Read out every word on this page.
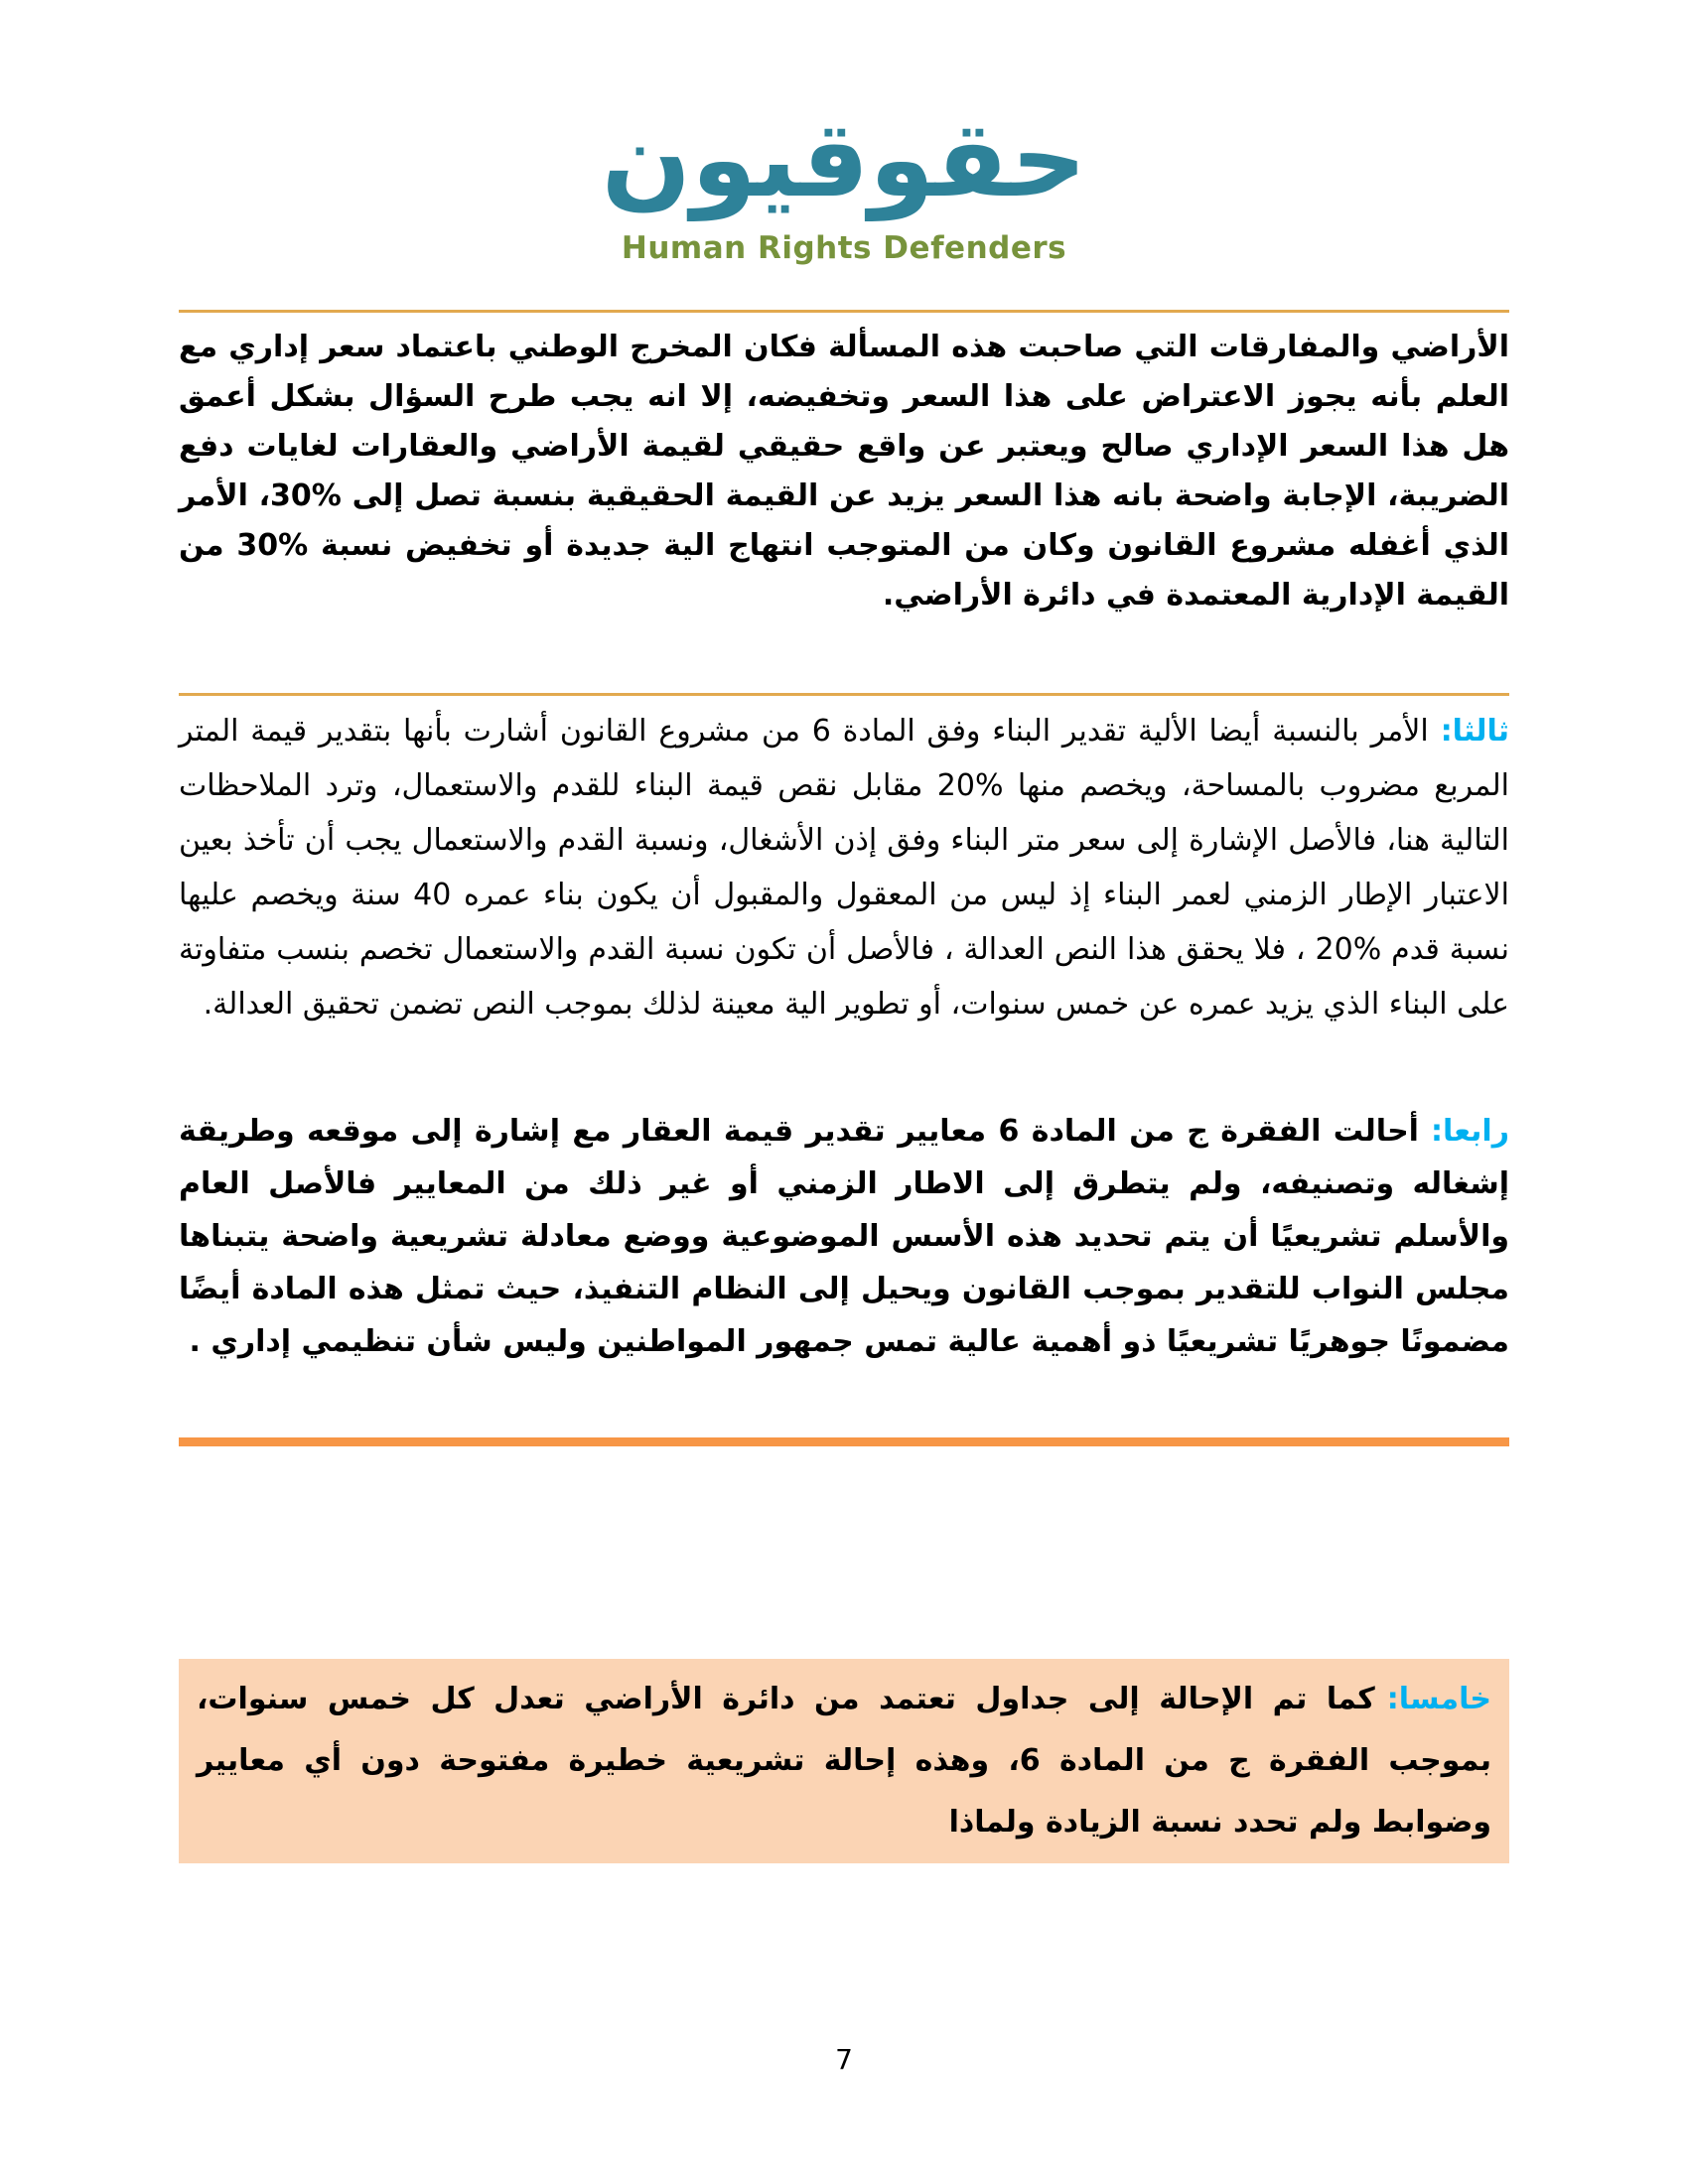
حقوقيون
Human Rights Defenders

الأراضي والمفارقات التي صاحبت هذه المسألة فكان المخرج الوطني باعتماد سعر إداري مع العلم بأنه يجوز الاعتراض على هذا السعر وتخفيضه، إلا انه يجب طرح السؤال بشكل أعمق هل هذا السعر الإداري صالح ويعتبر عن واقع حقيقي لقيمة الأراضي والعقارات لغايات دفع الضريبة، الإجابة واضحة بانه هذا السعر يزيد عن القيمة الحقيقية بنسبة تصل إلى %30، الأمر الذي أغفله مشروع القانون وكان من المتوجب انتهاج الية جديدة أو تخفيض نسبة %30 من القيمة الإدارية المعتمدة في دائرة الأراضي.

ثالثا:الأمر بالنسبة أيضا الألية تقدير البناء وفق المادة 6 من مشروع القانون أشارت بأنها بتقدير قيمة المتر المربع مضروب بالمساحة، ويخصم منها %20 مقابل نقص قيمة البناء للقدم والاستعمال، وترد الملاحظات التالية هنا، فالأصل الإشارة إلى سعر متر البناء وفق إذن الأشغال، ونسبة القدم والاستعمال يجب أن تأخذ بعين الاعتبار الإطار الزمني لعمر البناء إذ ليس من المعقول والمقبول أن يكون بناء عمره 40 سنة ويخصم عليها نسبة قدم %20 ، فلا يحقق هذا النص العدالة ، فالأصل أن تكون نسبة القدم والاستعمال تخصم بنسب متفاوتة على البناء الذي يزيد عمره عن خمس سنوات، أو تطوير الية معينة لذلك بموجب النص تضمن تحقيق العدالة.

رابعا:أحالت الفقرة ج من المادة 6 معايير تقدير قيمة العقار مع إشارة إلى موقعه وطريقة إشغاله وتصنيفه، ولم يتطرق إلى الاطار الزمني أو غير ذلك من المعايير فالأصل العام والأسلم تشريعيًا أن يتم تحديد هذه الأسس الموضوعية ووضع معادلة تشريعية واضحة يتبناها مجلس النواب للتقدير بموجب القانون ويحيل إلى النظام التنفيذ، حيث تمثل هذه المادة أيضًا مضمونًا جوهريًا تشريعيًا ذو أهمية عالية تمس جمهور المواطنين وليس شأن تنظيمي إداري .

خامسا:كما تم الإحالة إلى جداول تعتمد من دائرة الأراضي تعدل كل خمس سنوات، بموجب الفقرة ج من المادة 6، وهذه إحالة تشريعية خطيرة مفتوحة دون أي معايير وضوابط ولم تحدد نسبة الزيادة ولماذا

7
